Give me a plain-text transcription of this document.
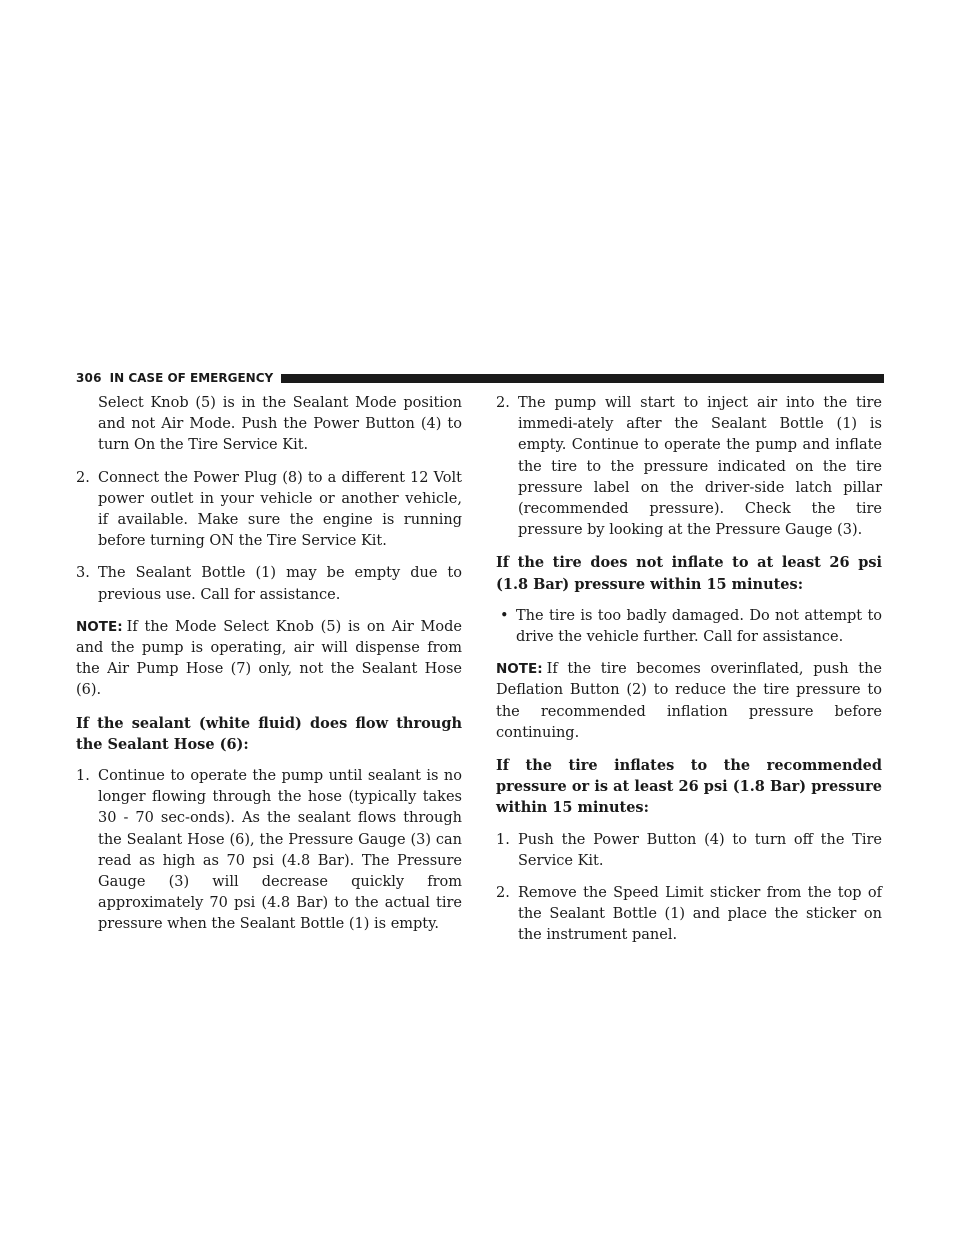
306 IN CASE OF EMERGENCY
Select Knob (5) is in the Sealant Mode position and not Air Mode. Push the Power Button (4) to turn On the Tire Service Kit.
2. Connect the Power Plug (8) to a different 12 Volt power outlet in your vehicle or another vehicle, if available. Make sure the engine is running before turning ON the Tire Service Kit.
3. The Sealant Bottle (1) may be empty due to previous use. Call for assistance.

NOTE: If the Mode Select Knob (5) is on Air Mode and the pump is operating, air will dispense from the Air Pump Hose (7) only, not the Sealant Hose (6).

If the sealant (white fluid) does flow through the Sealant Hose (6):

1. Continue to operate the pump until sealant is no longer flowing through the hose (typically takes 30 - 70 sec-onds). As the sealant flows through the Sealant Hose (6), the Pressure Gauge (3) can read as high as 70 psi (4.8 Bar). The Pressure Gauge (3) will decrease quickly from approximately 70 psi (4.8 Bar) to the actual tire pressure when the Sealant Bottle (1) is empty.
2. The pump will start to inject air into the tire immedi-ately after the Sealant Bottle (1) is empty. Continue to operate the pump and inflate the tire to the pressure indicated on the tire pressure label on the driver-side latch pillar (recommended pressure). Check the tire pressure by looking at the Pressure Gauge (3).

If the tire does not inflate to at least 26 psi (1.8 Bar) pressure within 15 minutes:

• The tire is too badly damaged. Do not attempt to drive the vehicle further. Call for assistance.

NOTE: If the tire becomes overinflated, push the Deflation Button (2) to reduce the tire pressure to the recommended inflation pressure before continuing.

If the tire inflates to the recommended pressure or is at least 26 psi (1.8 Bar) pressure within 15 minutes:

1. Push the Power Button (4) to turn off the Tire Service Kit.
2. Remove the Speed Limit sticker from the top of the Sealant Bottle (1) and place the sticker on the instrument panel.
